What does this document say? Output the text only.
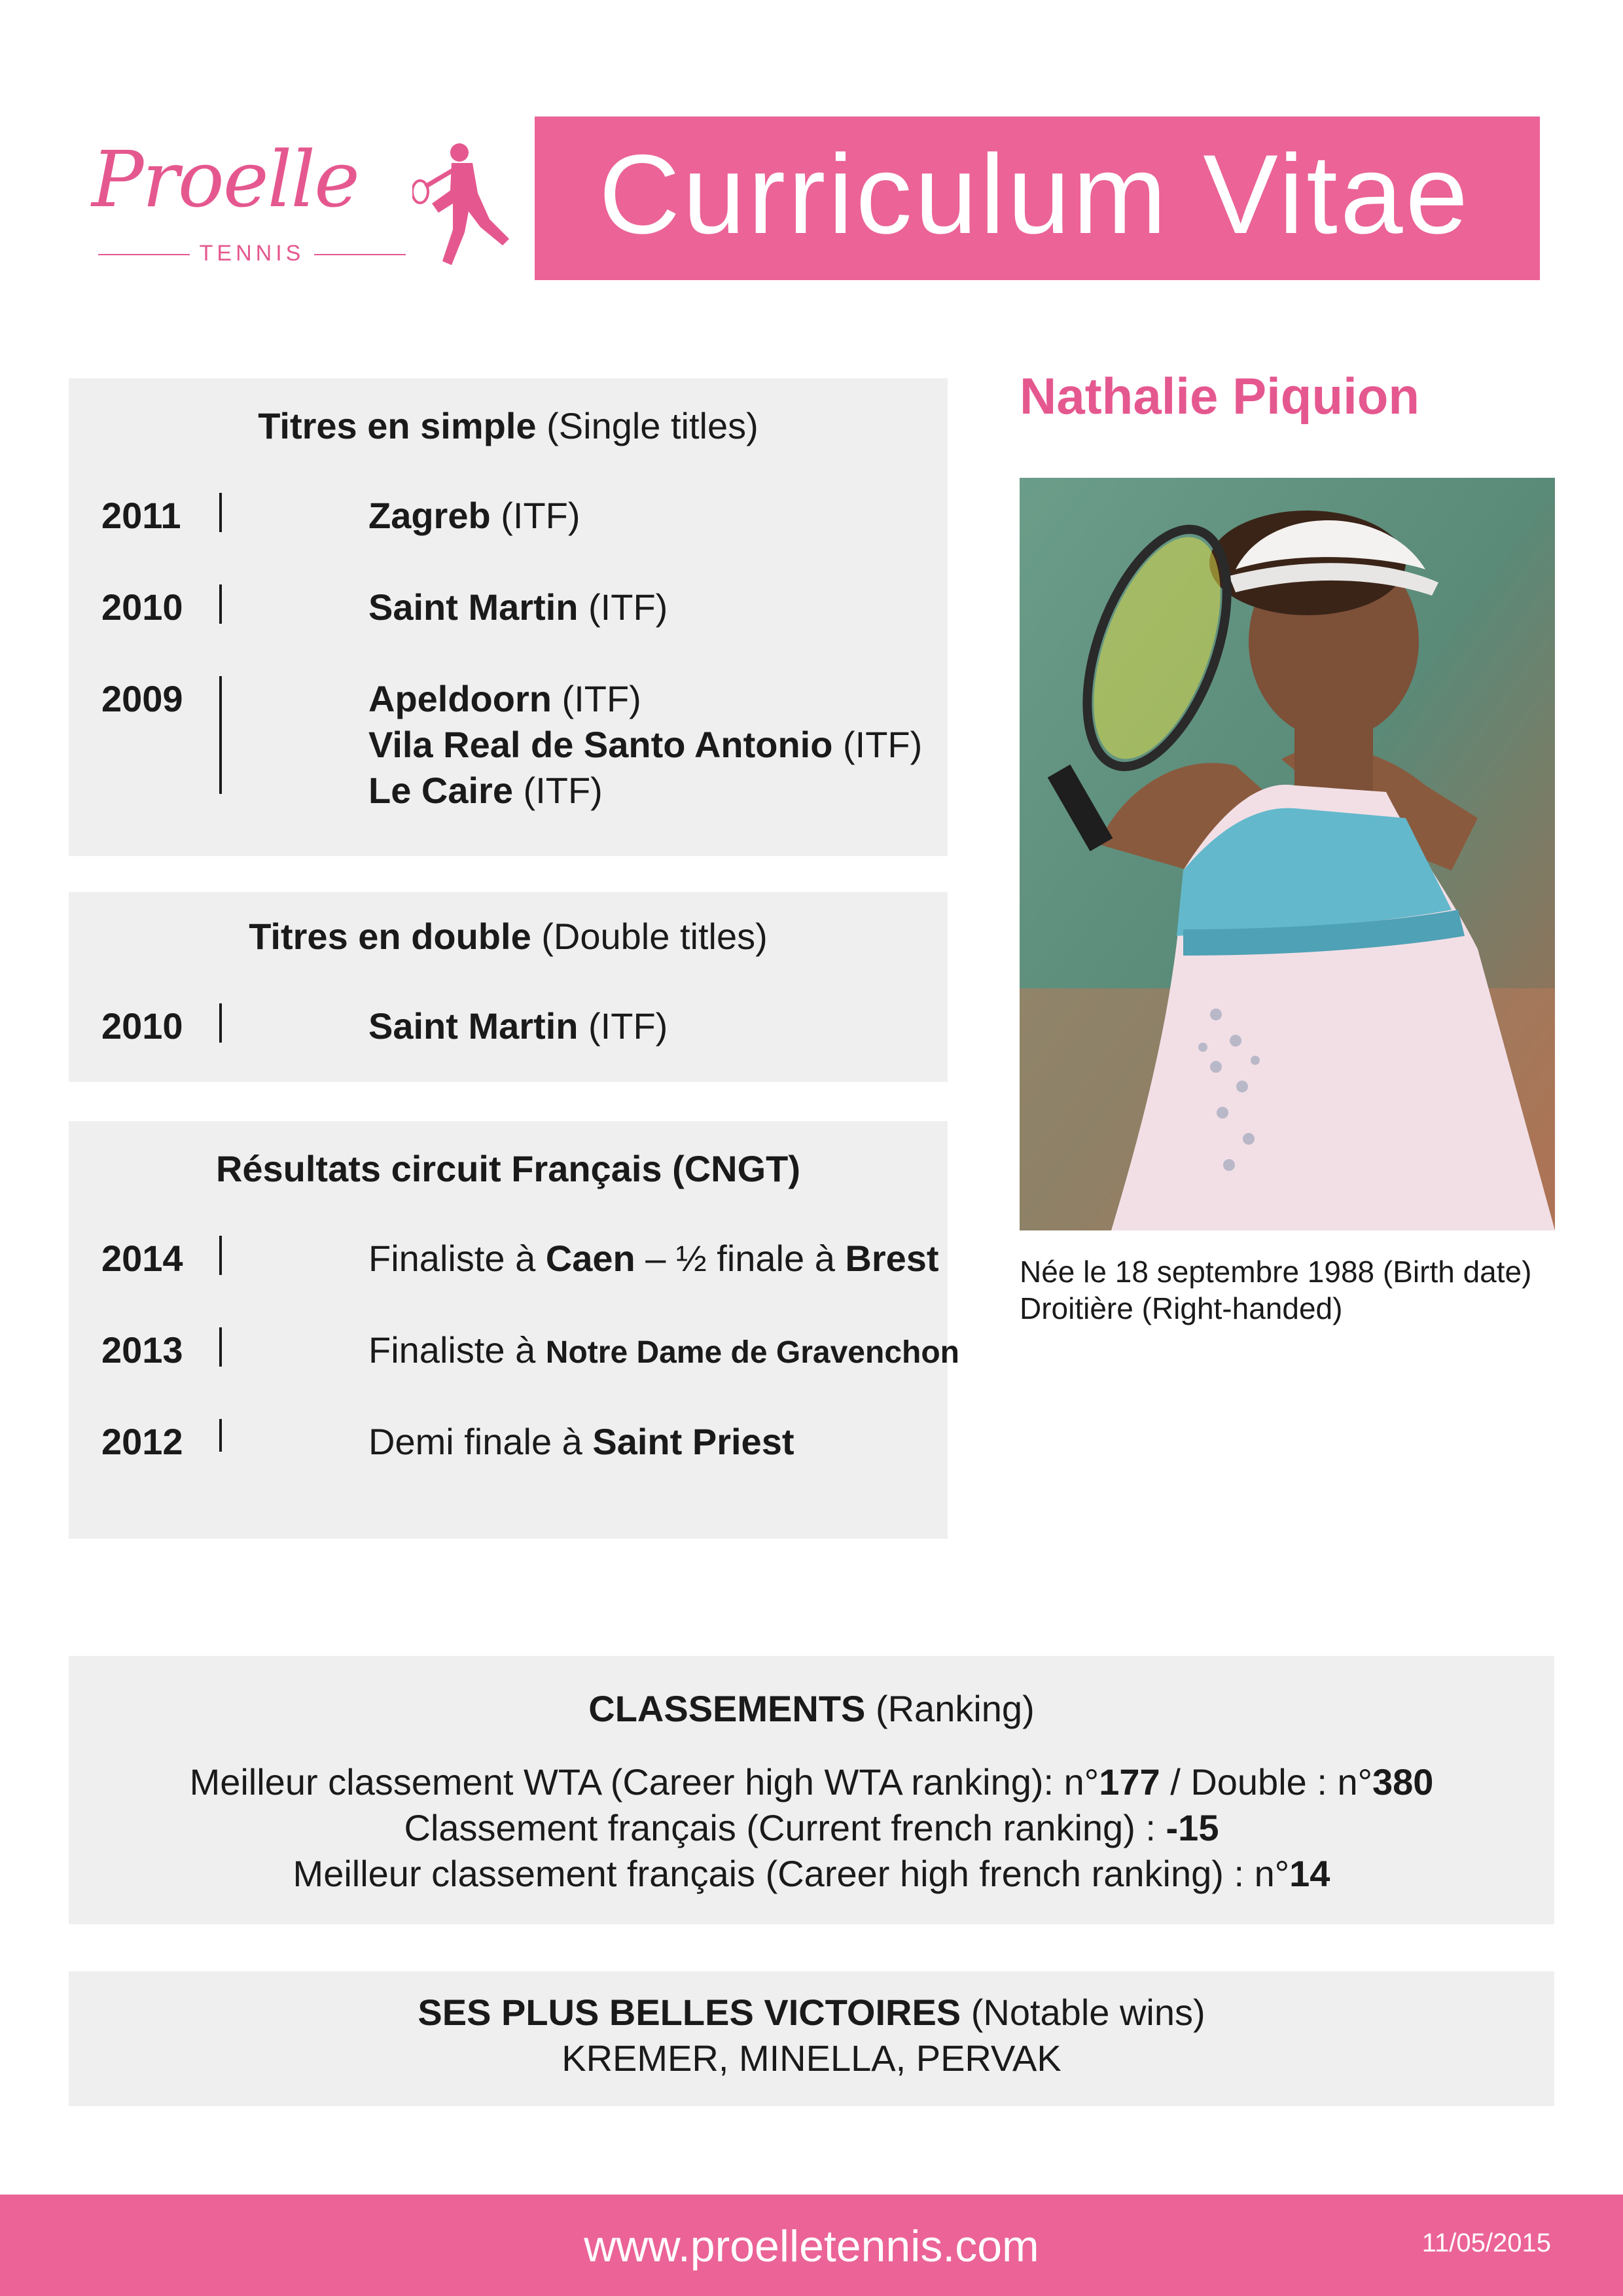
Proelle
TENNIS	Curriculum Vitae
Titres en simple (Single titles)
2011	Zagreb (ITF)
2010	Saint Martin (ITF)
2009	Apeldoorn (ITF)
Vila Real de Santo Antonio (ITF)
Le Caire (ITF)
Titres en double (Double titles)
2010	Saint Martin (ITF)
Résultats circuit Français (CNGT)
2014	Finaliste à Caen – ½ finale à Brest
2013	Finaliste à Notre Dame de Gravenchon
2012	Demi finale à Saint Priest
Nathalie Piquion
Née le 18 septembre 1988 (Birth date)
Droitière (Right-handed)
CLASSEMENTS (Ranking)
Meilleur classement WTA (Career high WTA ranking): n°177 / Double : n°380
Classement français (Current french ranking) : -15
Meilleur classement français (Career high french ranking) : n°14
SES PLUS BELLES VICTOIRES (Notable wins)
KREMER, MINELLA, PERVAK
www.proelletennis.com	11/05/2015
